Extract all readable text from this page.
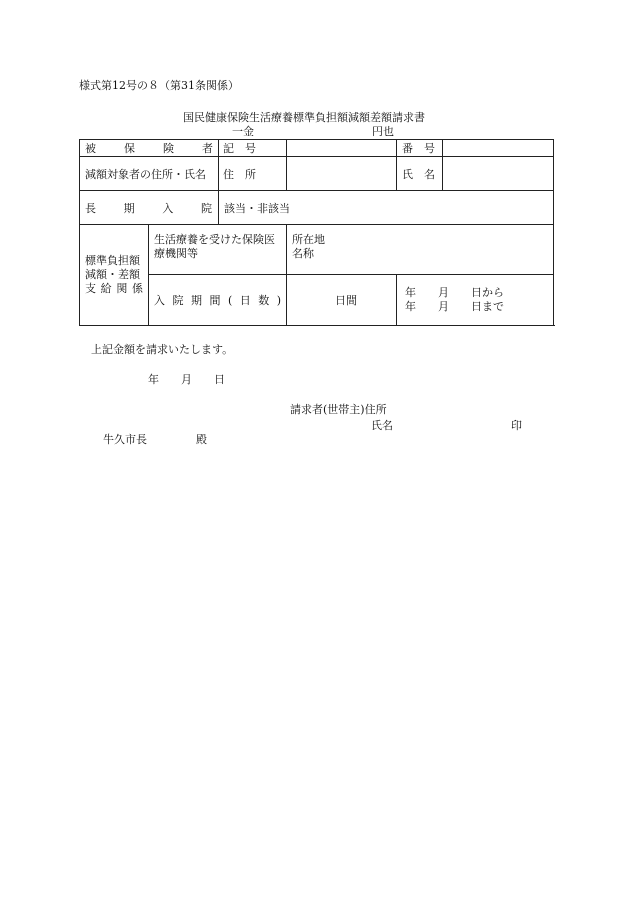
様式第12号の８（第31条関係）
国民健康保険生活療養標準負担額減額差額請求書
一金	円也
被保険者		記　号		番　号	
減額対象者の住所・氏名		住　所		氏　名	
長期入院		該当・非該当			
標準負担額
減額・差額

支給関係	生活療養を受けた保険医
療機関等		所在地
名称		
	入院期間(日数)		日間	年　　月　　日から
年　　月　　日まで	
上記金額を請求いたします。
年　　月　　日
請求者(世帯主)住所
氏名	印
牛久市長	殿
